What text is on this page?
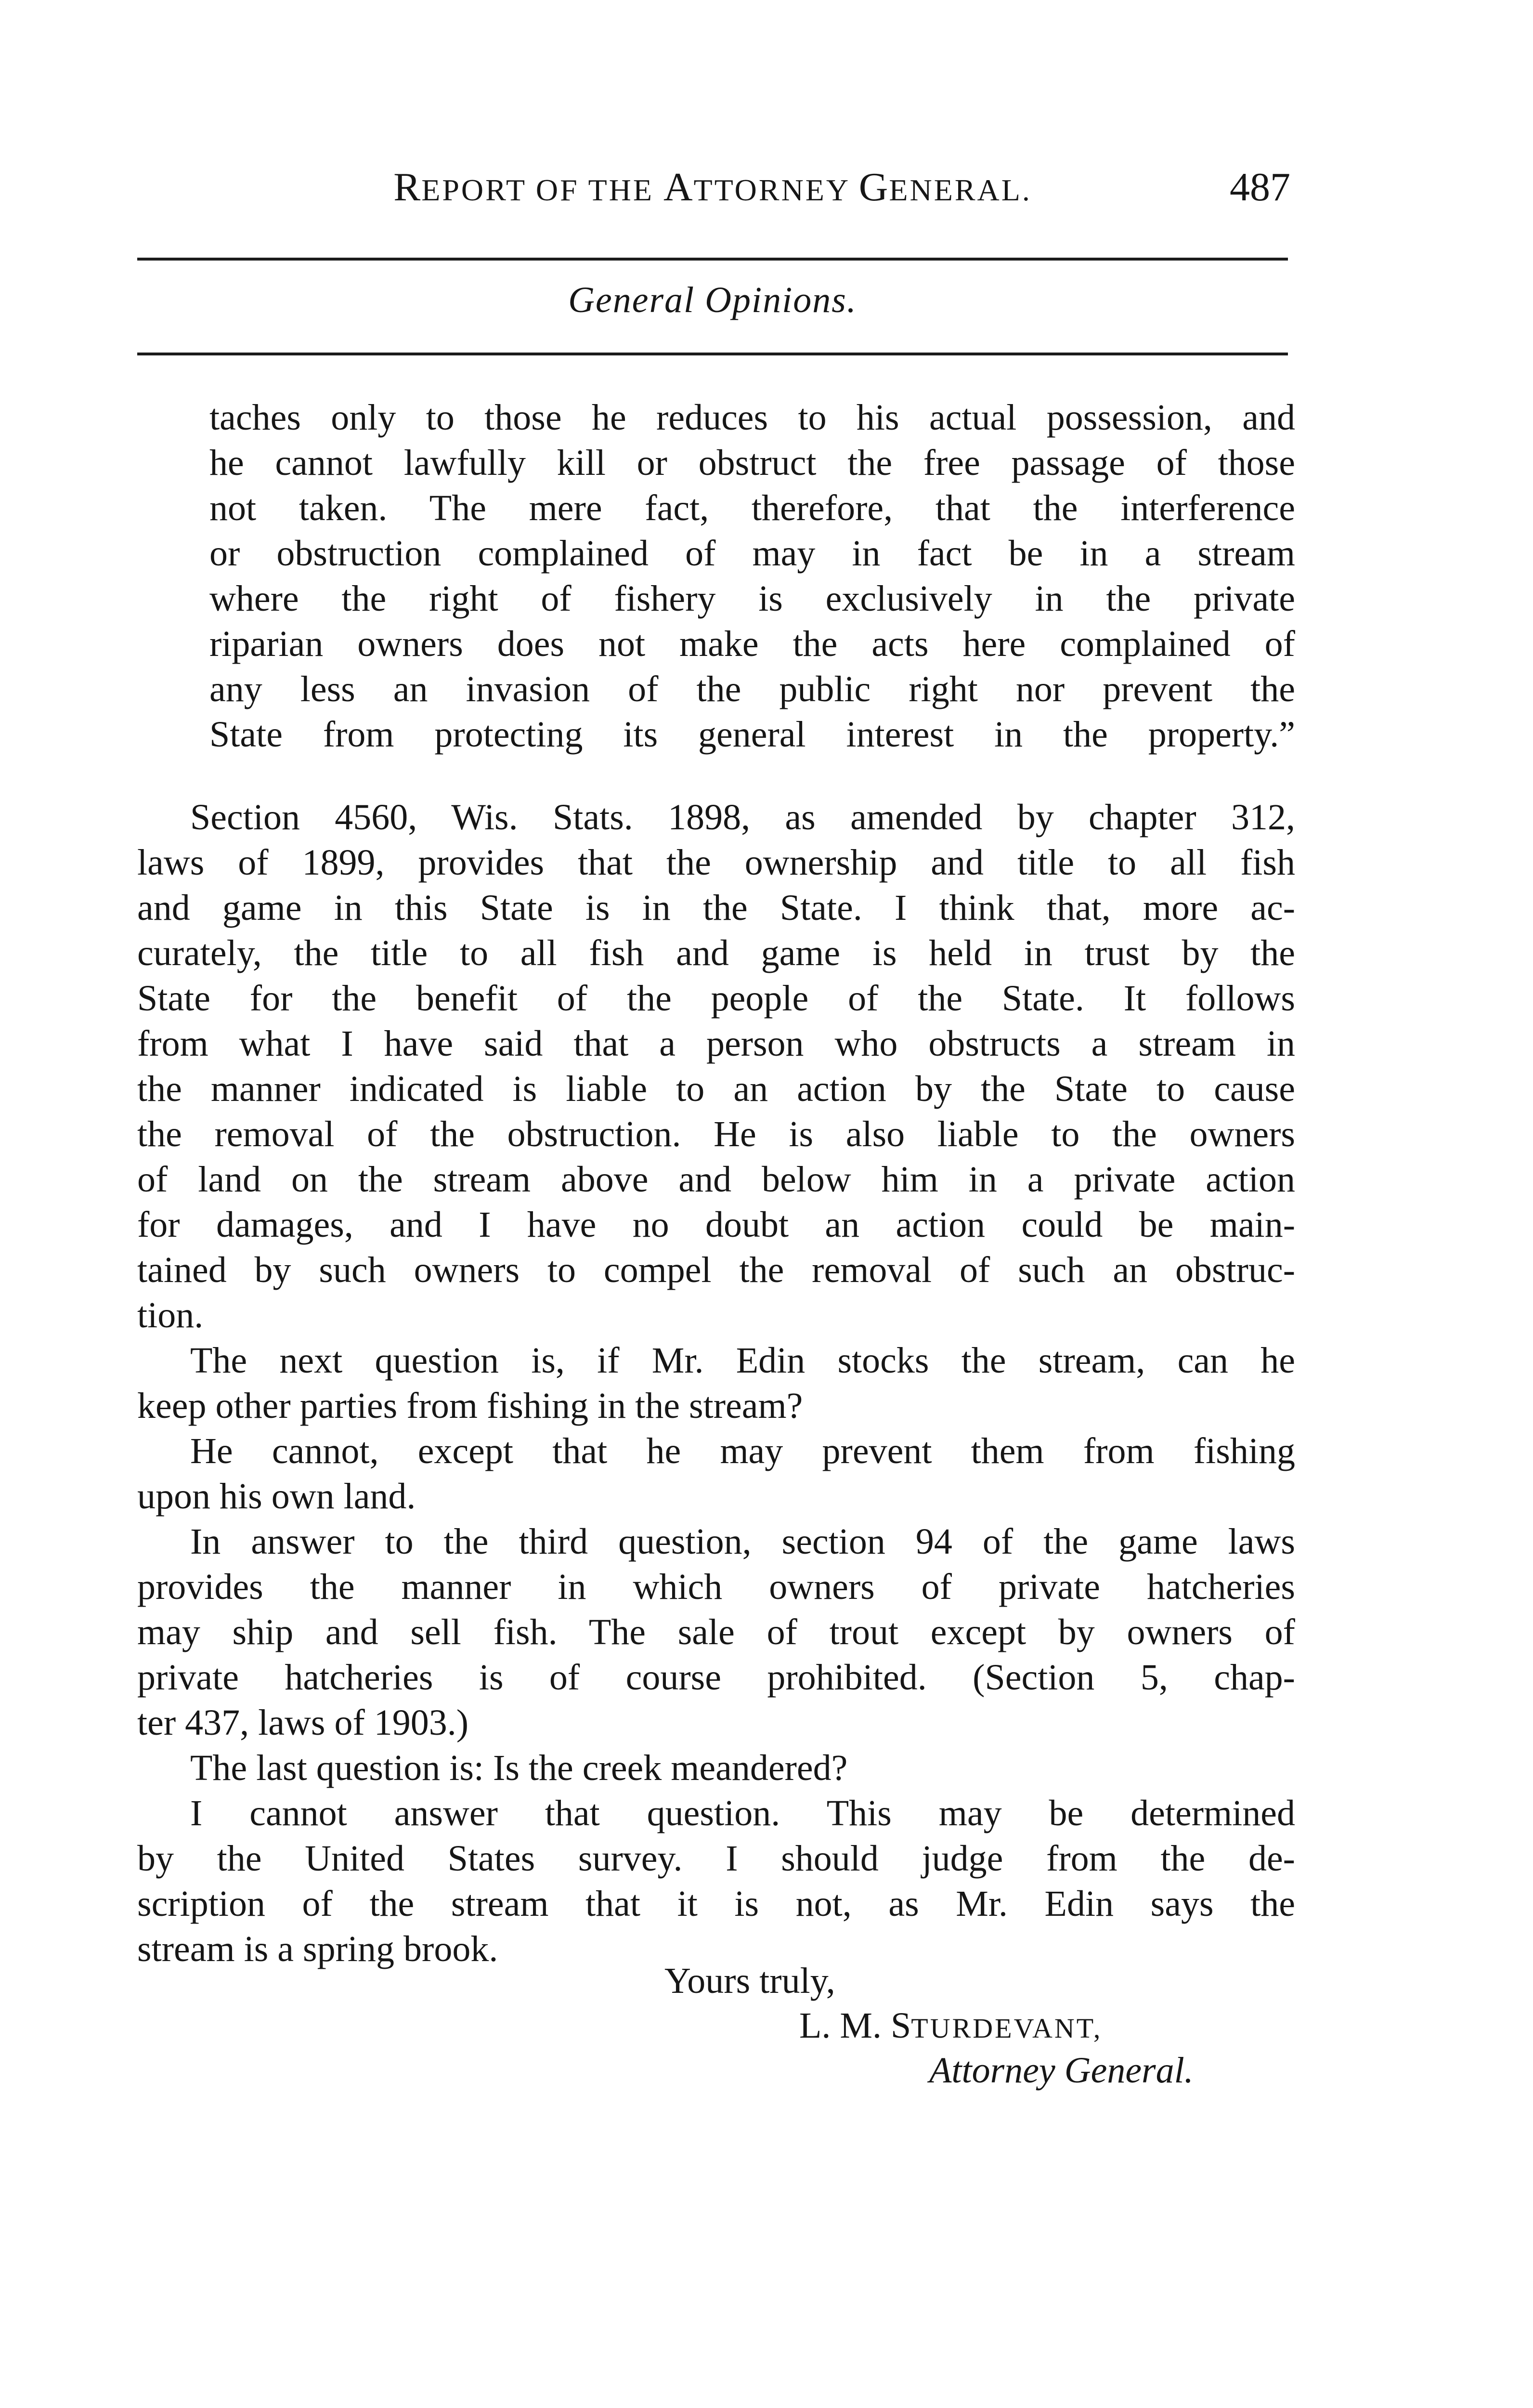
REPORT OF THE ATTORNEY GENERAL.	487
General Opinions.
taches only to those he reduces to his actual possession, and
he cannot lawfully kill or obstruct the free passage of those
not taken. The mere fact, therefore, that the interference
or obstruction complained of may in fact be in a stream
where the right of fishery is exclusively in the private
riparian owners does not make the acts here complained of
any less an invasion of the public right nor prevent the
State from protecting its general interest in the property.”
Section 4560, Wis. Stats. 1898, as amended by chapter 312,
laws of 1899, provides that the ownership and title to all fish
and game in this State is in the State. I think that, more ac-
curately, the title to all fish and game is held in trust by the
State for the benefit of the people of the State. It follows
from what I have said that a person who obstructs a stream in
the manner indicated is liable to an action by the State to cause
the removal of the obstruction. He is also liable to the owners
of land on the stream above and below him in a private action
for damages, and I have no doubt an action could be main-
tained by such owners to compel the removal of such an obstruc-
tion.
The next question is, if Mr. Edin stocks the stream, can he
keep other parties from fishing in the stream?
He cannot, except that he may prevent them from fishing
upon his own land.
In answer to the third question, section 94 of the game laws
provides the manner in which owners of private hatcheries
may ship and sell fish. The sale of trout except by owners of
private hatcheries is of course prohibited. (Section 5, chap-
ter 437, laws of 1903.)
The last question is: Is the creek meandered?
I cannot answer that question. This may be determined
by the United States survey. I should judge from the de-
scription of the stream that it is not, as Mr. Edin says the
stream is a spring brook.
Yours truly,
L. M. STURDEVANT,
Attorney General.
